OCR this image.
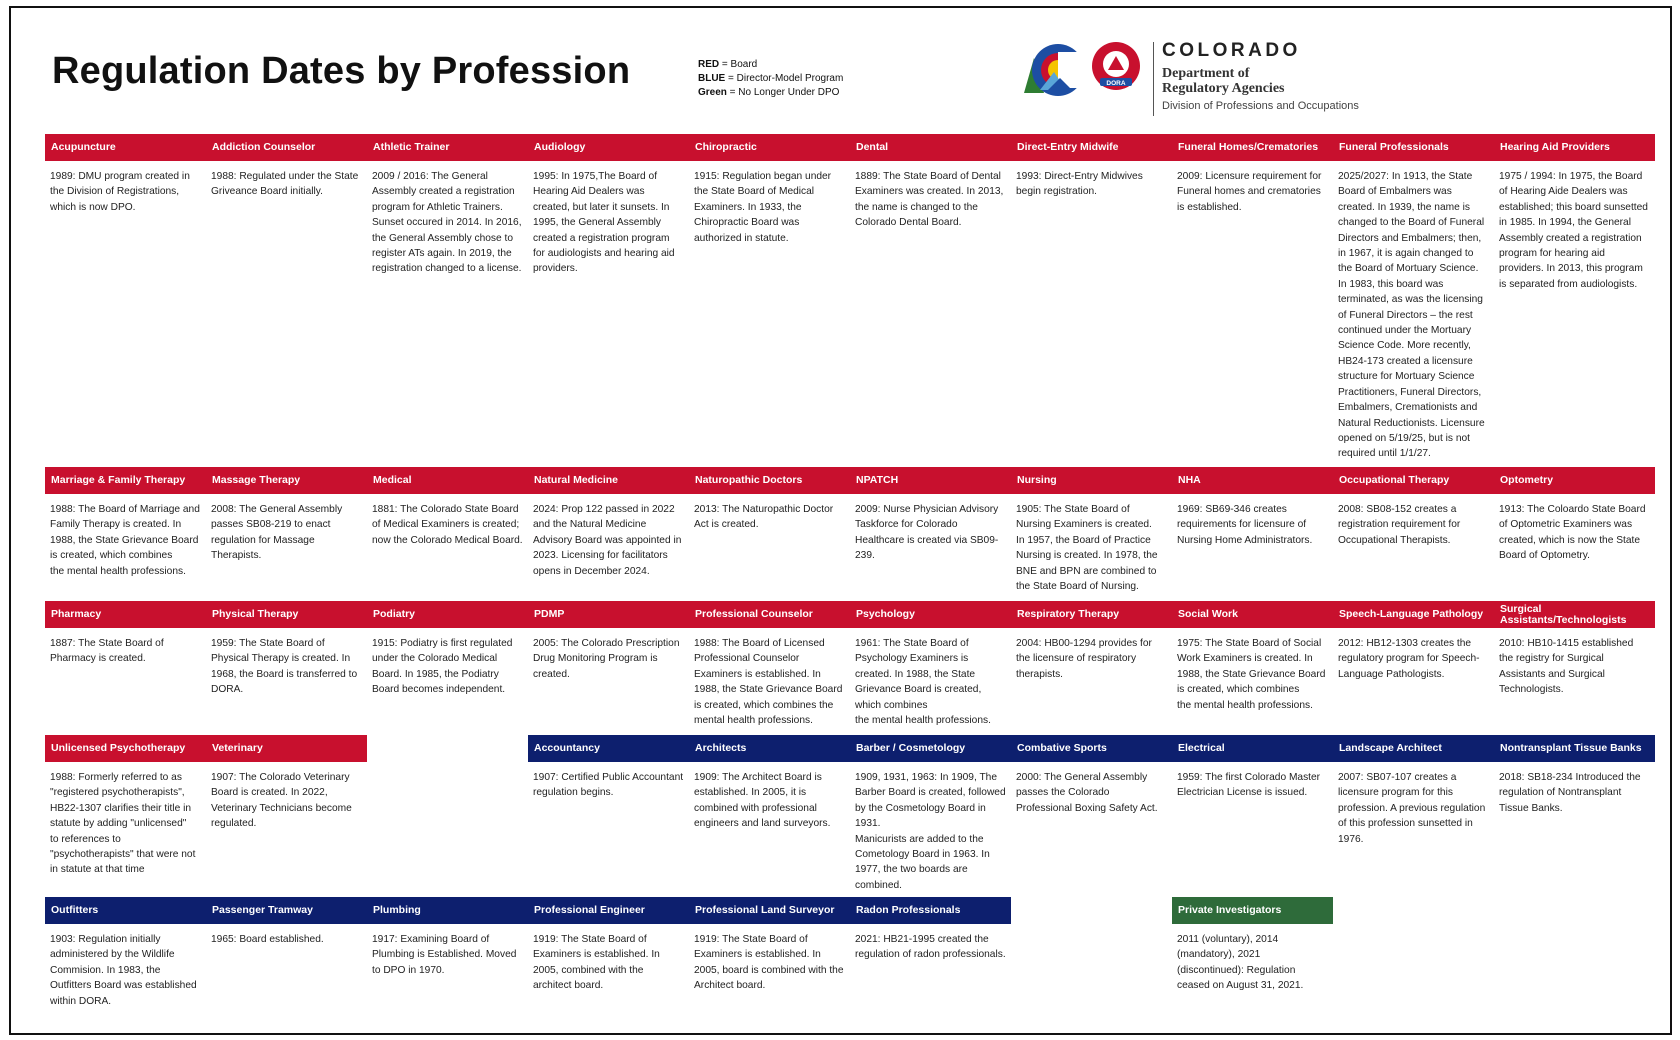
Regulation Dates by Profession	RED = Board
BLUE = Director-Model Program
Green = No Longer Under DPO
DORA
COLORADO
Department of
Regulatory Agencies
Division of Professions and Occupations
Acupuncture
1989: DMU program created in the Division of Registrations, which is now DPO.
Addiction Counselor
1988: Regulated under the State Griveance Board initially.
Athletic Trainer
2009 / 2016: The General Assembly created a registration program for Athletic Trainers. Sunset occured in 2014. In 2016, the General Assembly chose to register ATs again. In 2019, the registration changed to a license.
Audiology
1995: In 1975,The Board of Hearing Aid Dealers was created, but later it sunsets. In 1995, the General Assembly created a registration program for audiologists and hearing aid providers.
Chiropractic
1915: Regulation began under the State Board of Medical Examiners. In 1933, the Chiropractic Board was authorized in statute.
Dental
1889: The State Board of Dental Examiners was created. In 2013, the name is changed to the Colorado Dental Board.
Direct-Entry Midwife
1993: Direct-Entry Midwives begin registration.
Funeral Homes/Crematories
2009: Licensure requirement for Funeral homes and crematories is established.
Funeral Professionals
2025/2027: In 1913, the State Board of Embalmers was created. In 1939, the name is changed to the Board of Funeral Directors and Embalmers; then, in 1967, it is again changed to the Board of Mortuary Science. In 1983, this board was terminated, as was the licensing of Funeral Directors – the rest continued under the Mortuary Science Code. More recently, HB24-173 created a licensure structure for Mortuary Science Practitioners, Funeral Directors, Embalmers, Cremationists and Natural Reductionists. Licensure opened on 5/19/25, but is not required until 1/1/27.
Hearing Aid Providers
1975 / 1994: In 1975, the Board of Hearing Aide Dealers was established; this board sunsetted in 1985. In 1994, the General Assembly created a registration program for hearing aid providers. In 2013, this program is separated from audiologists.
Marriage & Family Therapy
1988: The Board of Marriage and Family Therapy is created. In 1988, the State Grievance Board is created, which combines
the mental health professions.
Massage Therapy
2008: The General Assembly passes SB08-219 to enact regulation for Massage Therapists.
Medical
1881: The Colorado State Board of Medical Examiners is created; now the Colorado Medical Board.
Natural Medicine
2024: Prop 122 passed in 2022 and the Natural Medicine Advisory Board was appointed in 2023. Licensing for facilitators opens in December 2024.
Naturopathic Doctors
2013: The Naturopathic Doctor Act is created.
NPATCH
2009: Nurse Physician Advisory Taskforce for Colorado Healthcare is created via SB09-239.
Nursing
1905: The State Board of Nursing Examiners is created.
In 1957, the Board of Practice Nursing is created. In 1978, the BNE and BPN are combined to the State Board of Nursing.
NHA
1969: SB69-346 creates requirements for licensure of Nursing Home Administrators.
Occupational Therapy
2008: SB08-152 creates a registration requirement for Occupational Therapists.
Optometry
1913: The Coloardo State Board of Optometric Examiners was created, which is now the State Board of Optometry.
Pharmacy
1887: The State Board of Pharmacy is created.
Physical Therapy
1959: The State Board of Physical Therapy is created. In 1968, the Board is transferred to DORA.
Podiatry
1915: Podiatry is first regulated under the Colorado Medical Board. In 1985, the Podiatry Board becomes independent.
PDMP
2005: The Colorado Prescription Drug Monitoring Program is created.
Professional Counselor
1988: The Board of Licensed Professional Counselor Examiners is established. In 1988, the State Grievance Board is created, which combines the mental health professions.
Psychology
1961: The State Board of Psychology Examiners is created. In 1988, the State Grievance Board is created, which combines
the mental health professions.
Respiratory Therapy
2004: HB00-1294 provides for the licensure of respiratory therapists.
Social Work
1975: The State Board of Social Work Examiners is created. In 1988, the State Grievance Board is created, which combines
the mental health professions.
Speech-Language Pathology
2012: HB12-1303 creates the regulatory program for Speech-Language Pathologists.
Surgical Assistants/Technologists
2010: HB10-1415 established the registry for Surgical Assistants and Surgical Technologists.
Unlicensed Psychotherapy
1988: Formerly referred to as "registered psychotherapists", HB22-1307 clarifies their title in statute by adding "unlicensed"
to references to
"psychotherapists" that were not in statute at that time
Veterinary
1907: The Colorado Veterinary Board is created. In 2022, Veterinary Technicians become regulated.
Accountancy
1907: Certified Public Accountant regulation begins.
Architects
1909: The Architect Board is established. In 2005, it is combined with professional engineers and land surveyors.
Barber / Cosmetology
1909, 1931, 1963: In 1909, The Barber Board is created, followed by the Cosmetology Board in 1931.
Manicurists are added to the Cometology Board in 1963. In 1977, the two boards are combined.
Combative Sports
2000: The General Assembly passes the Colorado Professional Boxing Safety Act.
Electrical
1959: The first Colorado Master Electrician License is issued.
Landscape Architect
2007: SB07-107 creates a licensure program for this profession. A previous regulation of this profession sunsetted in 1976.
Nontransplant Tissue Banks
2018: SB18-234 Introduced the regulation of Nontransplant Tissue Banks.
Outfitters
1903: Regulation initially administered by the Wildlife Commision. In 1983, the Outfitters Board was established within DORA.
Passenger Tramway
1965: Board established.
Plumbing
1917: Examining Board of Plumbing is Established. Moved to DPO in 1970.
Professional Engineer
1919: The State Board of Examiners is established. In 2005, combined with the architect board.
Professional Land Surveyor
1919: The State Board of Examiners is established. In 2005, board is combined with the Architect board.
Radon Professionals
2021: HB21-1995 created the regulation of radon professionals.
Private Investigators
2011 (voluntary), 2014 (mandatory), 2021 (discontinued): Regulation ceased on August 31, 2021.
